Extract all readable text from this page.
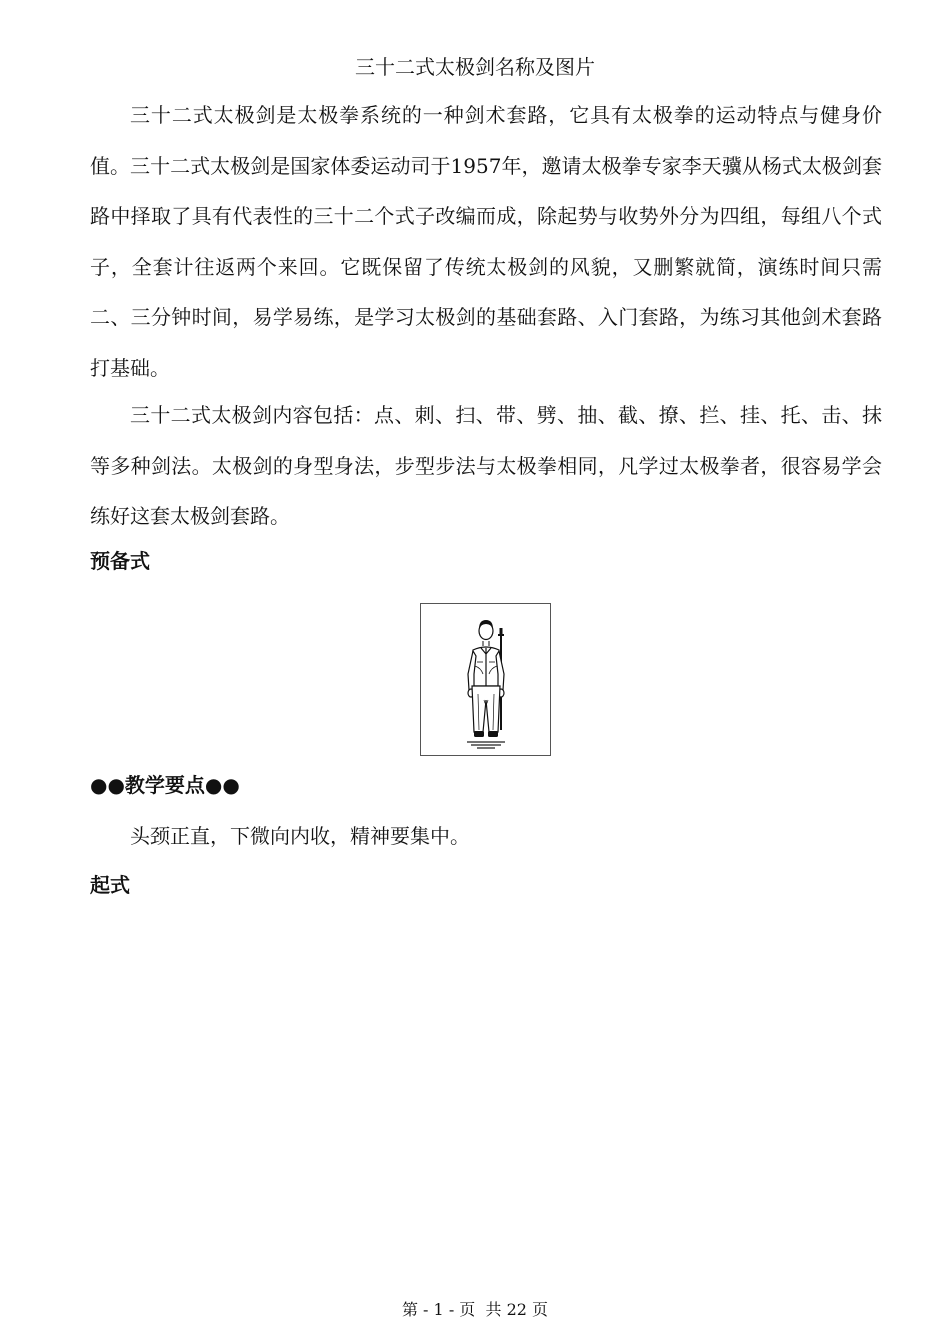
三十二式太极剑名称及图片

三十二式太极剑是太极拳系统的一种剑术套路，它具有太极拳的运动特点与健身价值。三十二式太极剑是国家体委运动司于1957年，邀请太极拳专家李天骥从杨式太极剑套路中择取了具有代表性的三十二个式子改编而成，除起势与收势外分为四组，每组八个式子，全套计往返两个来回。它既保留了传统太极剑的风貌，又删繁就简，演练时间只需二、三分钟时间，易学易练，是学习太极剑的基础套路、入门套路，为练习其他剑术套路打基础。

三十二式太极剑内容包括：点、刺、扫、带、劈、抽、截、撩、拦、挂、托、击、抹等多种剑法。太极剑的身型身法，步型步法与太极拳相同，凡学过太极拳者，很容易学会练好这套太极剑套路。

预备式
●●教学要点●●

头颈正直，下微向内收，精神要集中。

起式
第 - 1 - 页  共 22 页
